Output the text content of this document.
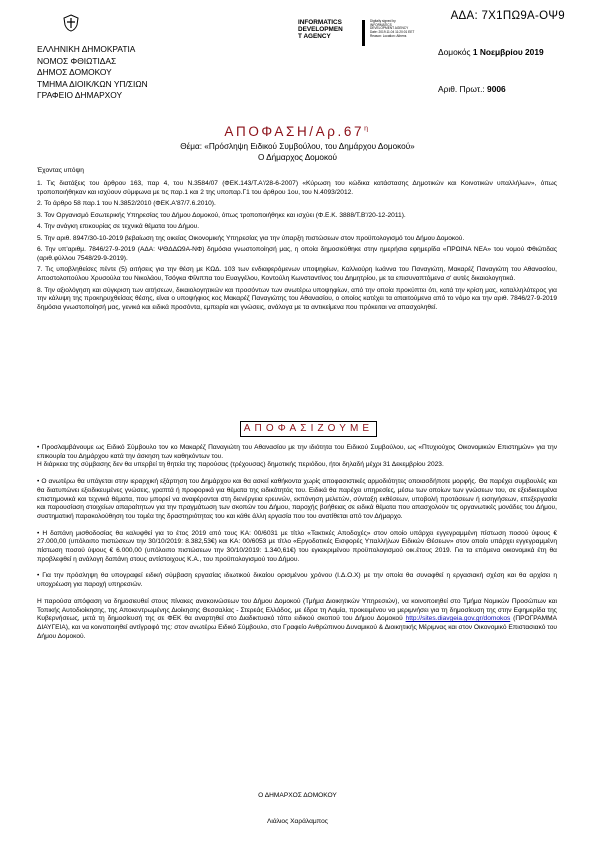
ΑΔΑ: 7Χ1ΠΩ9Α-ΟΨ9
INFORMATICS
DEVELOPMEN
T AGENCY
Digitally signed by INFORMATICS DEVELOPMENT AGENCY Date: 2019.11.04 11:20:01 EET Reason: Location: Athens
ΕΛΛΗΝΙΚΗ ΔΗΜΟΚΡΑΤΙΑ
ΝΟΜΟΣ ΦΘΙΩΤΙΔΑΣ
ΔΗΜΟΣ ΔΟΜΟΚΟΥ
ΤΜΗΜΑ ΔΙΟΙΚ/ΚΩΝ ΥΠ/ΣΙΩΝ
ΓΡΑΦΕΙΟ ΔΗΜΑΡΧΟΥ
Δομοκός 1 Νοεμβρίου 2019
Αριθ. Πρωτ.: 9006
ΑΠΟΦΑΣΗ/$A\rho.67^\eta$
Θέμα: «Πρόσληψη Ειδικού Συμβούλου, του Δημάρχου Δομοκού»
Ο Δήμαρχος Δομοκού
Έχοντας υπόψη

1. Τις διατάξεις του άρθρου 163, παρ 4, του Ν.3584/07 (ΦΕΚ.143/Τ.Α'/28-6-2007) «Κύρωση του κώδικα κατάστασης Δημοτικών και Κοινοτικών υπαλλήλων», όπως τροποποιήθηκαν και ισχύουν σύμφωνα με τις παρ.1 και 2 της υποπαρ.Γ1 του άρθρου 1ου, του Ν.4093/2012.

2. Το άρθρο 58 παρ.1 του Ν.3852/2010 (ΦΕΚ.Α'87/7.6.2010).

3. Τον Οργανισμό Εσωτερικής Υπηρεσίας του Δήμου Δομοκού, όπως τροποποιήθηκε και ισχύει (Φ.Ε.Κ. 3888/Τ.Β'/20-12-2011).

4. Την ανάγκη επικουρίας σε τεχνικά θέματα του Δήμου.

5. Την αριθ. 8947/30-10-2019 βεβαίωση της οικείας Οικονομικής Υπηρεσίας για την ύπαρξη πιστώσεων στον προϋπολογισμό του Δήμου Δομοκού.

6. Την υπ'αριθμ. 7846/27-9-2019 (ΑΔΑ: ΨΘΔΔΩ9Α-ΝΦ) δημόσια γνωστοποίησή μας, η οποία δημοσιεύθηκε στην ημερήσια εφημερίδα «ΠΡΩΙΝΑ ΝΕΑ» του νομού Φθιώτιδας (αριθ.φύλλου 7548/29-9-2019).

7. Τις υποβληθείσες πέντε (5) αιτήσεις για την θέση με ΚΩΔ. 103 των ενδιαφερόμενων υποψηφίων, Καλλιούρη Ιωάννα του Παναγιώτη, Μακαρέζ Παναγιώτη του Αθανασίου, Αποστολοπούλου Χρυσούλα του Νικολάου, Τσόγκα Φίλιππα του Ευαγγέλου, Κοντούλη Κωνσταντίνος του Δημητρίου, με τα επισυναπτόμενα σ' αυτές δικαιολογητικά.

8. Την αξιολόγηση και σύγκριση των αιτήσεων, δικαιολογητικών και προσόντων των ανωτέρω υποψηφίων, από την οποία προκύπτει ότι, κατά την κρίση μας, καταλληλότερος για την κάλυψη της προκηρυχθείσας θέσης, είναι ο υποψήφιος κος Μακαρέζ Παναγιώτης του Αθανασίου, ο οποίος κατέχει τα απαιτούμενα από το νόμο και την αριθ. 7846/27-9-2019 δημόσια γνωστοποίησή μας, γενικά και ειδικά προσόντα, εμπειρία και γνώσεις, ανάλογα με τα αντικείμενα που πρόκειται να απασχοληθεί.

ΑΠΟΦΑΣΙΖΟΥΜΕ

• Προσλαμβάνουμε ως Ειδικό Σύμβουλο τον κο Μακαρέζ Παναγιώτη του Αθανασίου με την ιδιότητα του Ειδικού Συμβούλου, ως «Πτυχιούχος Οικονομικών Επιστημών» για την επικουρία του Δημάρχου κατά την άσκηση των καθηκόντων του.
Η διάρκεια της σύμβασης δεν θα υπερβεί τη θητεία της παρούσας (τρέχουσας) δημοτικής περιόδου, ήτοι δηλαδή μέχρι 31 Δεκεμβρίου 2023.

• Ο ανωτέρω θα υπάγεται στην ιεραρχική εξάρτηση του Δημάρχου και θα ασκεί καθήκοντα χωρίς αποφασιστικές αρμοδιότητες οποιασδήποτε μορφής. Θα παρέχει συμβουλές και θα διατυπώνει εξειδικευμένες γνώσεις, γραπτά ή προφορικά για θέματα της ειδικότητάς του. Ειδικά θα παρέχει υπηρεσίες, μέσω των οποίων των γνώσεων του, σε εξειδικευμένα επιστημονικά και τεχνικά θέματα, που μπορεί να αναφέρονται στη διενέργεια ερευνών, εκπόνηση μελετών, σύνταξη εκθέσεων, υποβολή προτάσεων ή εισηγήσεων, επεξεργασία και παρουσίαση στοιχείων απαραίτητων για την πραγμάτωση των σκοπών του Δήμου, παροχής βοήθειας σε ειδικά θέματα που απασχολούν τις οργανωτικές μονάδες του Δήμου, συστηματική παρακολούθηση του τομέα της δραστηριότητας του και κάθε άλλη εργασία που του ανατίθεται από τον Δήμαρχο.

• Η δαπάνη μισθοδοσίας θα καλυφθεί για το έτος 2019 από τους ΚΑ: 00/6031 με τίτλο «Τακτικές Αποδοχές» στον οποίο υπάρχει εγγεγραμμένη πίστωση ποσού ύψους € 27.000,00 (υπόλοιπο πιστώσεων την 30/10/2019: 8.382,53€) και ΚΑ: 00/6053 με τίτλο «Εργοδοτικές Εισφορές Υπαλλήλων Ειδικών Θέσεων» στον οποίο υπάρχει εγγεγραμμένη πίστωση ποσού ύψους € 6.000,00 (υπόλοιπο πιστώσεων την 30/10/2019: 1.340,61€) του εγκεκριμένου προϋπολογισμού οικ.έτους 2019. Για τα επόμενα οικονομικά έτη θα προβλεφθεί η ανάλογη δαπάνη στους αντίστοιχους Κ.Α., του προϋπολογισμού του Δήμου.

• Για την πρόσληψη θα υπογραφεί ειδική σύμβαση εργασίας ιδιωτικού δικαίου ορισμένου χρόνου (Ι.Δ.Ο.Χ) με την οποία θα συναφθεί η εργασιακή σχέση και θα αρχίσει η υποχρέωση για παροχή υπηρεσιών.

Η παρούσα απόφαση να δημοσιευθεί στους πίνακες ανακοινώσεων του Δήμου Δομοκού (Τμήμα Διοικητικών Υπηρεσιών), να κοινοποιηθεί στο Τμήμα Νομικών Προσώπων και Τοπικής Αυτοδιοίκησης, της Αποκεντρωμένης Διοίκησης Θεσσαλίας - Στερεάς Ελλάδος, με έδρα τη Λαμία, προκειμένου να μεριμνήσει για τη δημοσίευση της στην Εφημερίδα της Κυβερνήσεως, μετά τη δημοσίευσή της σε ΦΕΚ θα αναρτηθεί στο Διαδικτυακό τόπο ειδικού σκοπού του Δήμου Δομοκού http://sites.diavgeia.gov.gr/domokos (ΠΡΟΓΡΑΜΜΑ ΔΙΑΥΓΕΙΑ), και να κοινοποιηθεί αντίγραφό της: στον ανωτέρω Ειδικό Σύμβουλο, στο Γραφείο Ανθρώπινου Δυναμικού & Διοικητικής Μέριμνας και στον Οικονομικό Επιστασιακό του Δήμου Δομοκού.

Ο ΔΗΜΑΡΧΟΣ ΔΟΜΟΚΟΥ
Λιάλιος Χαράλαμπος
